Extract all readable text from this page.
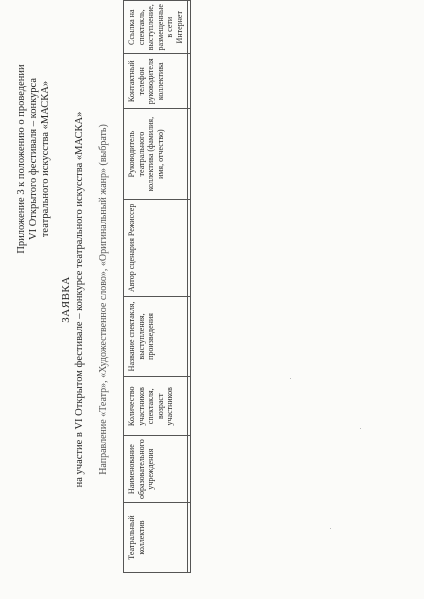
Приложение 3 к положению о проведении VI Открытого фестиваля – конкурса театрального искусства «МАСКА»
ЗАЯВКА на участие в VI Открытом фестивале – конкурсе театрального искусства «МАСКА» Направление «Театр», «Художественное слово», «Оригинальный жанр» (выбрать)
Театральный коллектив	Наименование образовательного учреждения	Количество участников спектакля, возраст участников	Название спектакля, выступления, произведения	Автор сценария Режиссер	Руководитель театрального коллектива (фамилия, имя, отчество)	Контактный телефон руководителя коллектива	Ссылка на спектакль, выступление, размещенные в сети Интернет
